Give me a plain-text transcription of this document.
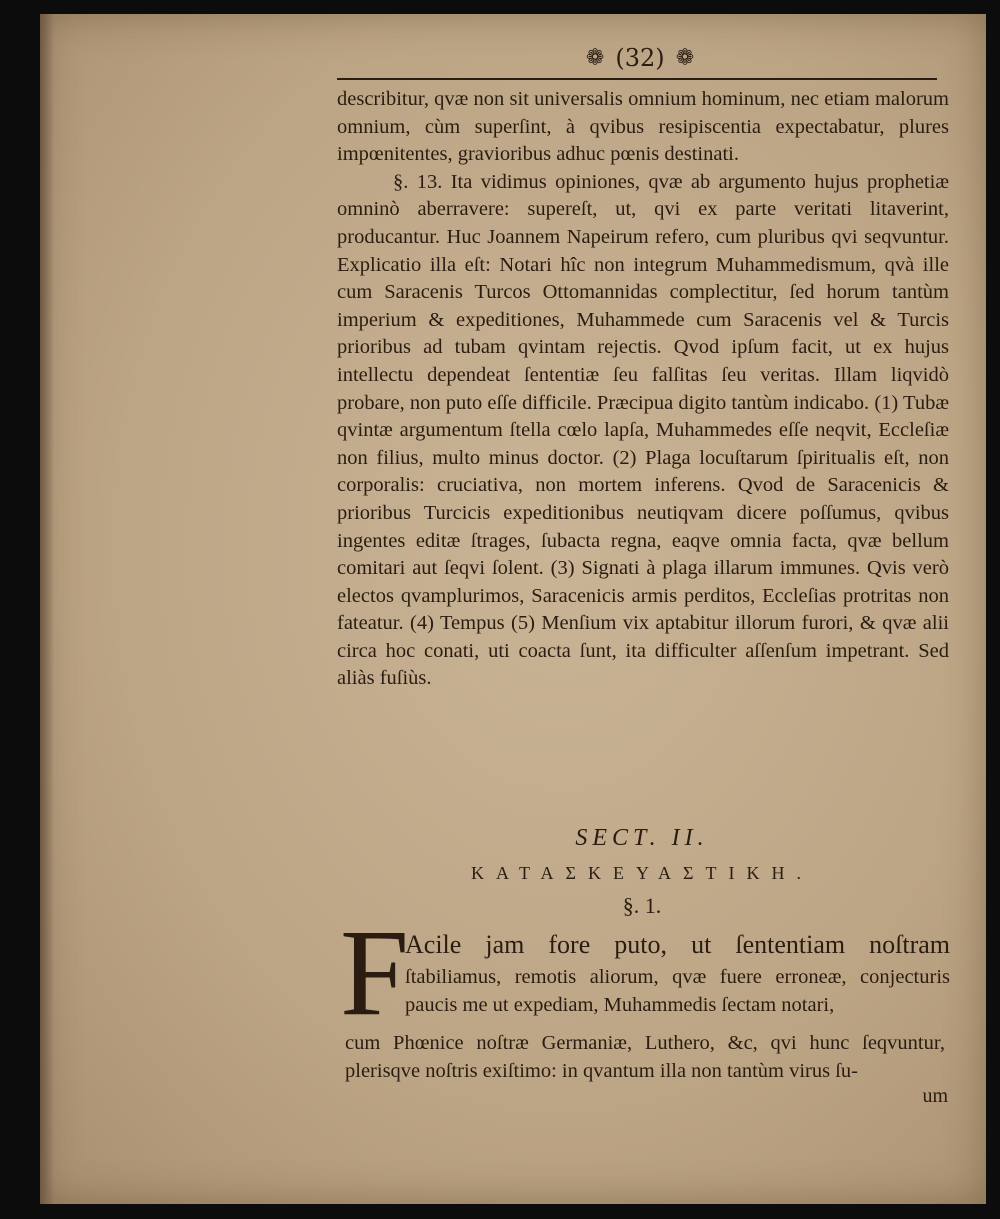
❁ (32) ❁

describitur, qvæ non sit universalis omnium hominum, nec etiam malorum omnium, cùm superſint, à qvibus resipiscentia expectabatur, plures impœnitentes, gravioribus adhuc pœnis destinati.

§. 13. Ita vidimus opiniones, qvæ ab argumento hujus prophetiæ omninò aberravere: supereſt, ut, qvi ex parte veritati litaverint, producantur. Huc Joannem Napeirum refero, cum pluribus qvi seqvuntur. Explicatio illa eſt: Notari hîc non integrum Muhammedismum, qvà ille cum Saracenis Turcos Ottomannidas complectitur, ſed horum tantùm imperium & expeditiones, Muhammede cum Saracenis vel & Turcis prioribus ad tubam qvintam rejectis. Qvod ipſum facit, ut ex hujus intellectu dependeat ſententiæ ſeu falſitas ſeu veritas. Illam liqvidò probare, non puto eſſe difficile. Præcipua digito tantùm indicabo. (1) Tubæ qvintæ argumentum ſtella cœlo lapſa, Muhammedes eſſe neqvit, Eccleſiæ non filius, multo minus doctor. (2) Plaga locuſtarum ſpiritualis eſt, non corporalis: cruciativa, non mortem inferens. Qvod de Saracenicis & prioribus Turcicis expeditionibus neutiqvam dicere poſſumus, qvibus ingentes editæ ſtrages, ſubacta regna, eaqve omnia facta, qvæ bellum comitari aut ſeqvi ſolent. (3) Signati à plaga illarum immunes. Qvis verò electos qvamplurimos, Saracenicis armis perditos, Eccleſias protritas non fateatur. (4) Tempus (5) Menſium vix aptabitur illorum furori, & qvæ alii circa hoc conati, uti coacta ſunt, ita difficulter aſſenſum impetrant. Sed aliàs fuſiùs.

SECT. II.
ΚΑΤΑΣΚΕΥΑΣΤΙΚΗ.
§. 1.
F
Acile jam fore puto, ut ſententiam noſtram
ſtabiliamus, remotis aliorum, qvæ fuere erroneæ, conjecturis paucis me ut expediam, Muhammedis ſectam notari,
cum Phœnice noſtræ Germaniæ, Luthero, &c, qvi hunc ſeqvuntur, plerisqve noſtris exiſtimo: in qvantum illa non tantùm virus ſu-
um
